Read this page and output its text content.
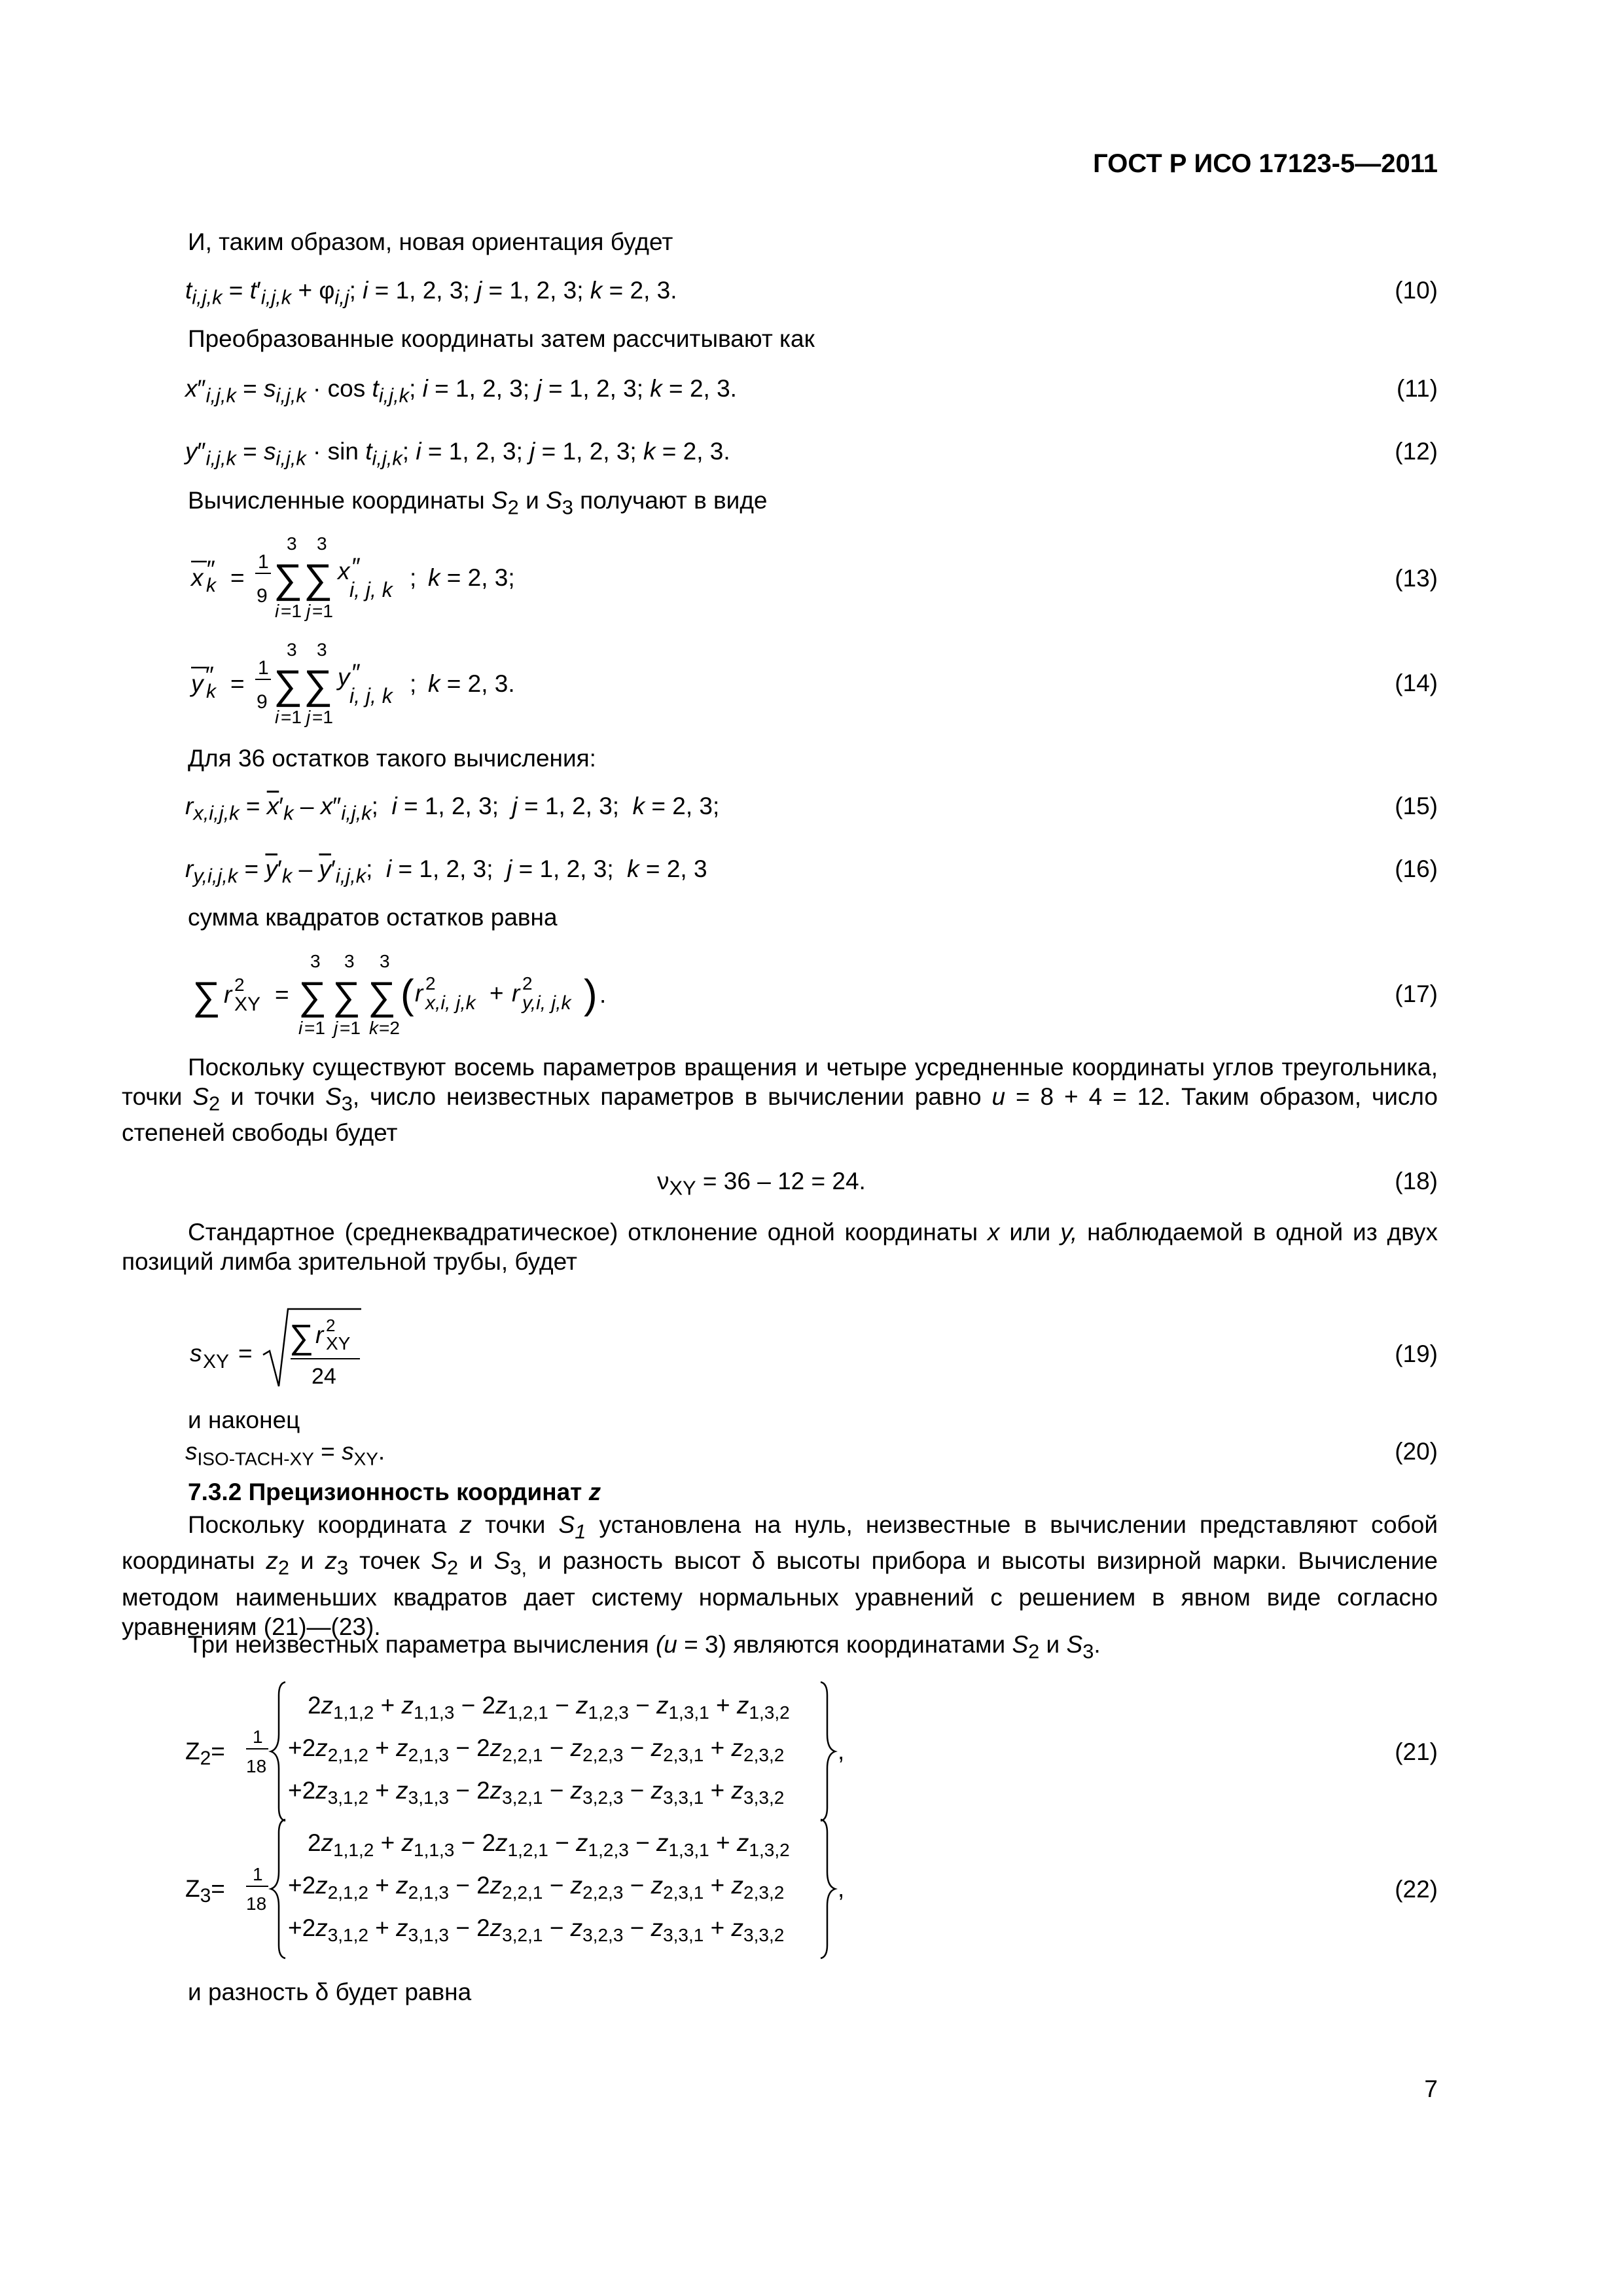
ГОСТ Р ИСО 17123-5—2011
И, таким образом, новая ориентация будет
$t_{i,j,k} = t'_{i,j,k} + \varphi_{i,j}$; i = 1, 2, 3; j = 1, 2, 3; k = 2, 3.	(10)
Преобразованные координаты затем рассчитывают как
$x''_{i,j,k} = s_{i,j,k} \cdot \cos t_{i,j,k}$; i = 1, 2, 3; j = 1, 2, 3; k = 2, 3.	(11)
$y''_{i,j,k} = s_{i,j,k} \cdot \sin t_{i,j,k}$; i = 1, 2, 3; j = 1, 2, 3; k = 2, 3.	(12)
Вычисленные координаты $S_2$ и $S_3$ получают в виде
x ″
k =
1
9 ∑
3
i =1
∑
3
j =1
x ″
i, j, k ; k = 2, 3;	(13)
y ″
k =
1
9 ∑
3
i =1
∑
3
j =1
y ″
i, j, k ; k = 2, 3.	(14)
Для 36 остатков такого вычисления:
$r_{x,i,j,k} = \overline{x}'_k - x''_{i,j,k}$;  i = 1, 2, 3;  j = 1, 2, 3;  k = 2, 3;	(15)
$r_{y,i,j,k} = \overline{y}'_k - \overline{y}'_{i,j,k}$;  i = 1, 2, 3;  j = 1, 2, 3;  k = 2, 3	(16)
сумма квадратов остатков равна
∑ r 2
XY = ∑
3
i =1
∑
3
j =1
∑
3
k =2
( r 2
x,i, j,k + r 2
y,i, j,k ) .	(17)
Поскольку существуют восемь параметров вращения и четыре усредненные координаты углов треугольника, точки $S_2$ и точки $S_3$, число неизвестных параметров в вычислении равно u = 8 + 4 = 12. Таким образом, число степеней свободы будет
$\nu_{XY} = 36 - 12 = 24$.	(18)
Стандартное (среднеквадратическое) отклонение одной координаты x или y, наблюдаемой в одной из двух позиций лимба зрительной трубы, будет
s XY = ∑ r 2
XY
24
(19)
и наконец
$s_{ISO-TACH-XY} = s_{XY}$.	(20)
7.3.2 Прецизионность координат z
Поскольку координата z точки $S_1$ установлена на нуль, неизвестные в вычислении представляют собой координаты $z_2$ и $z_3$ точек $S_2$ и $S_{3,}$ и разность высот δ высоты прибора и высоты визирной марки. Вычисление методом наименьших квадратов дает систему нормальных уравнений с решением в явном виде согласно уравнениям (21)—(23).
Три неизвестных параметра вычисления (u = 3) являются координатами $S_2$ и $S_3$.
$Z_2=$
1
18
$2z_{1,1,2} + z_{1,1,3} - 2z_{1,2,1} - z_{1,2,3} - z_{1,3,1} + z_{1,3,2}$
$+2z_{2,1,2} + z_{2,1,3} - 2z_{2,2,1} - z_{2,2,3} - z_{2,3,1} + z_{2,3,2}$
$+2z_{3,1,2} + z_{3,1,3} - 2z_{3,2,1} - z_{3,2,3} - z_{3,3,1} + z_{3,3,2}$
,	(21)
$Z_3=$
1
18
$2z_{1,1,2} + z_{1,1,3} - 2z_{1,2,1} - z_{1,2,3} - z_{1,3,1} + z_{1,3,2}$
$+2z_{2,1,2} + z_{2,1,3} - 2z_{2,2,1} - z_{2,2,3} - z_{2,3,1} + z_{2,3,2}$
$+2z_{3,1,2} + z_{3,1,3} - 2z_{3,2,1} - z_{3,2,3} - z_{3,3,1} + z_{3,3,2}$
,	(22)
и разность δ будет равна
7
